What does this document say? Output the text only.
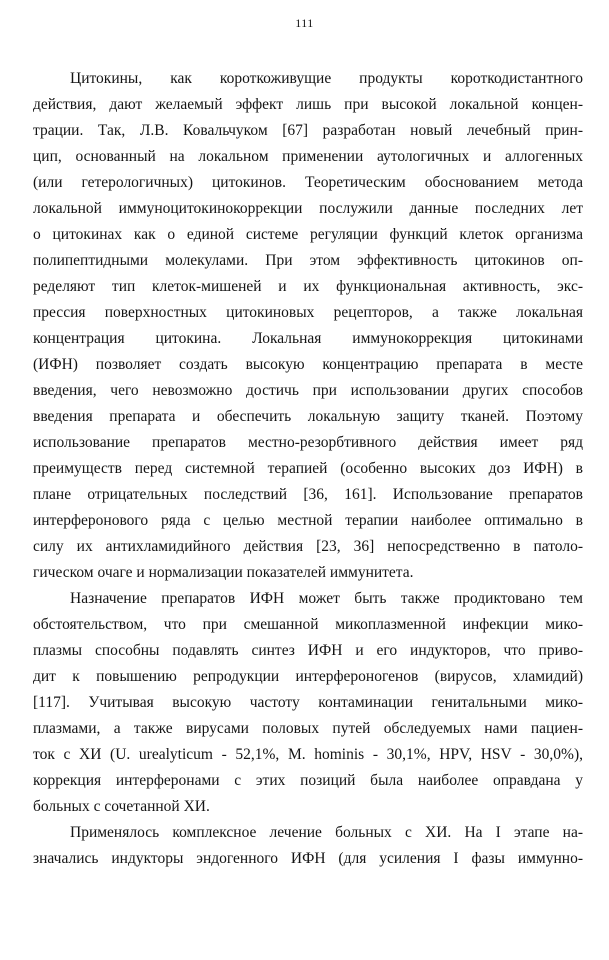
111
Цитокины, как короткоживущие продукты короткодистантного
действия, дают желаемый эффект лишь при высокой локальной концен-
трации. Так, Л.В. Ковальчуком [67] разработан новый лечебный прин-
цип, основанный на локальном применении аутологичных и аллогенных
(или гетерологичных) цитокинов. Теоретическим обоснованием метода
локальной иммуноцитокинокоррекции послужили данные последних лет
о цитокинах как о единой системе регуляции функций клеток организма
полипептидными молекулами. При этом эффективность цитокинов оп-
ределяют тип клеток-мишеней и их функциональная активность, экс-
прессия поверхностных цитокиновых рецепторов, а также локальная
концентрация цитокина. Локальная иммунокоррекция цитокинами
(ИФН) позволяет создать высокую концентрацию препарата в месте
введения, чего невозможно достичь при использовании других способов
введения препарата и обеспечить локальную защиту тканей. Поэтому
использование препаратов местно-резорбтивного действия имеет ряд
преимуществ перед системной терапией (особенно высоких доз ИФН) в
плане отрицательных последствий [36, 161]. Использование препаратов
интерферонового ряда с целью местной терапии наиболее оптимально в
силу их антихламидийного действия [23, 36] непосредственно в патоло-
гическом очаге и нормализации показателей иммунитета.
Назначение препаратов ИФН может быть также продиктовано тем
обстоятельством, что при смешанной микоплазменной инфекции мико-
плазмы способны подавлять синтез ИФН и его индукторов, что приво-
дит к повышению репродукции интерфероногенов (вирусов, хламидий)
[117]. Учитывая высокую частоту контаминации генитальными мико-
плазмами, а также вирусами половых путей обследуемых нами пациен-
ток с ХИ (U. urealyticum - 52,1%, M. hominis - 30,1%, HPV, HSV - 30,0%),
коррекция интерферонами с этих позиций была наиболее оправдана у
больных с сочетанной ХИ.
Применялось комплексное лечение больных с ХИ. На I этапе на-
значались индукторы эндогенного ИФН (для усиления I фазы иммунно-
